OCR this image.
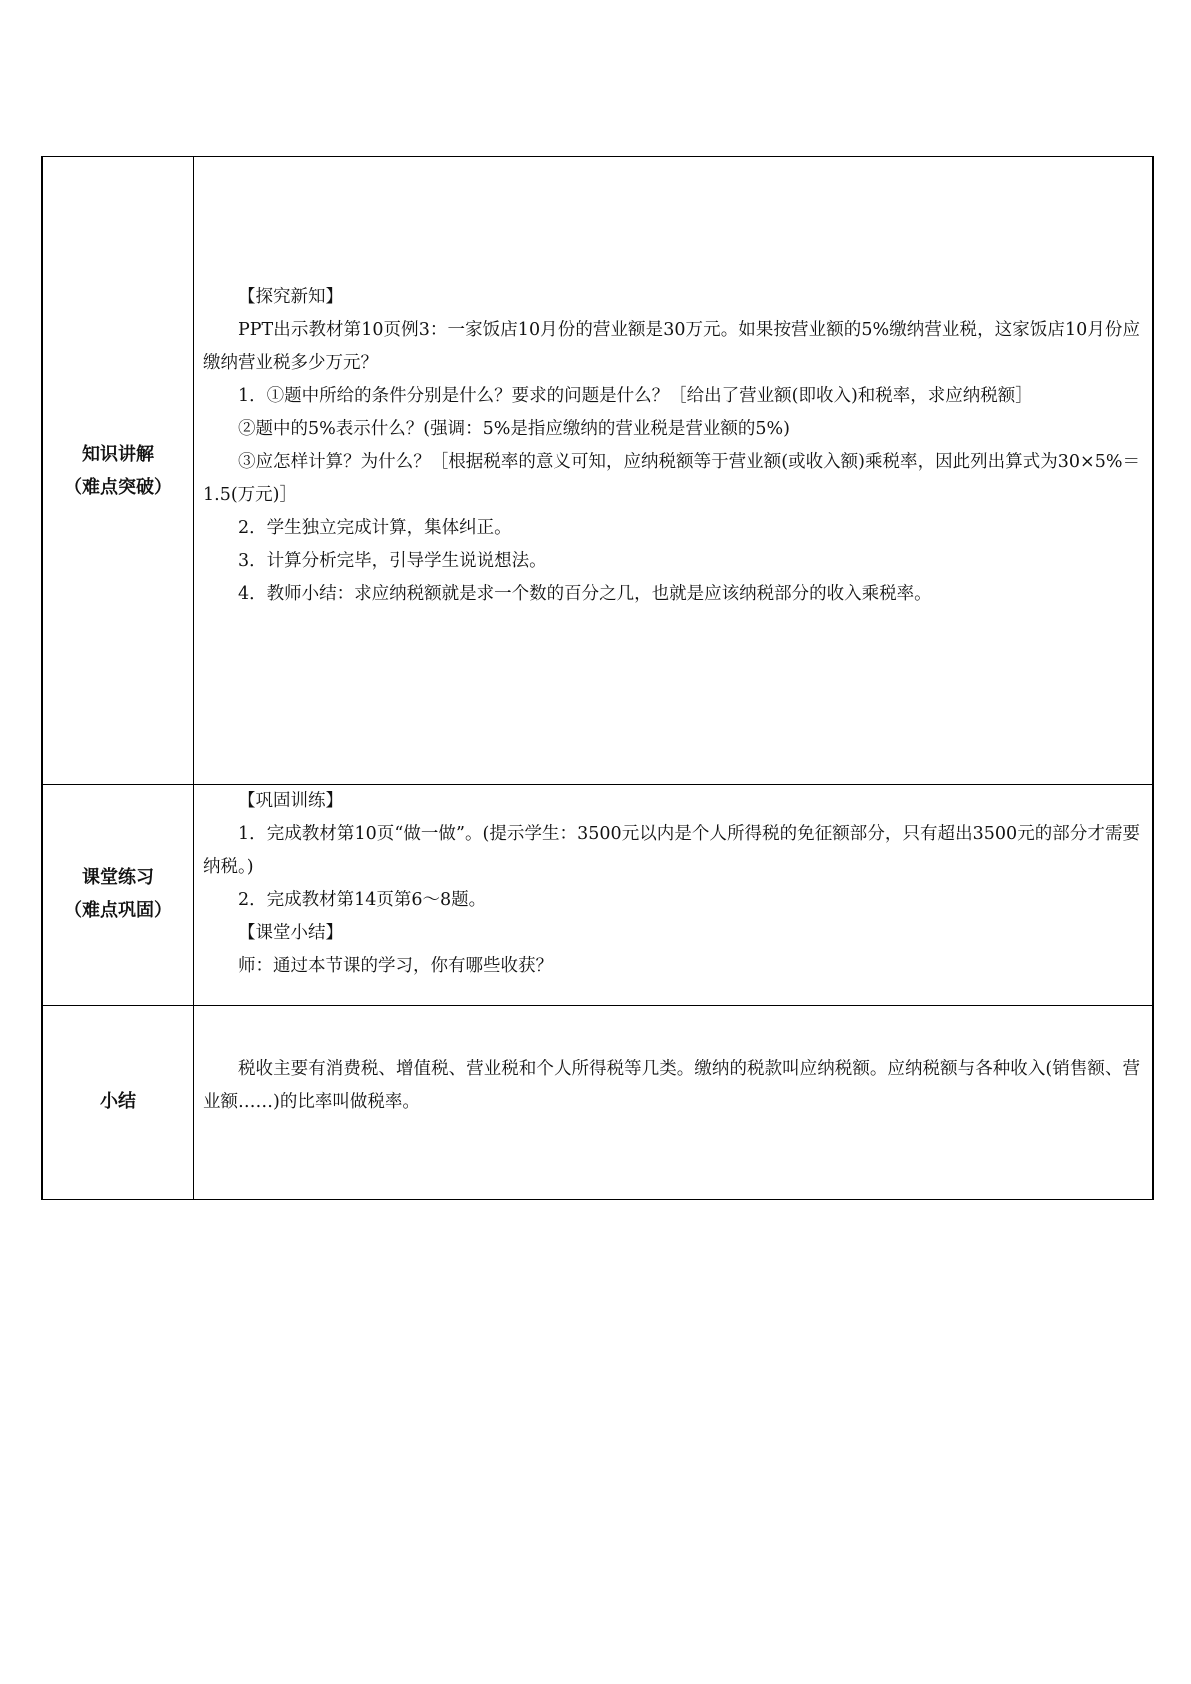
知识讲解
（难点突破）

【探究新知】

PPT出示教材第10页例3：一家饭店10月份的营业额是30万元。如果按营业额的5%缴纳营业税，这家饭店10月份应缴纳营业税多少万元？

1．①题中所给的条件分别是什么？要求的问题是什么？［给出了营业额(即收入)和税率，求应纳税额］

②题中的5%表示什么？(强调：5%是指应缴纳的营业税是营业额的5%)

③应怎样计算？为什么？［根据税率的意义可知，应纳税额等于营业额(或收入额)乘税率，因此列出算式为30×5%＝1.5(万元)］

2．学生独立完成计算，集体纠正。

3．计算分析完毕，引导学生说说想法。

4．教师小结：求应纳税额就是求一个数的百分之几，也就是应该纳税部分的收入乘税率。

课堂练习
（难点巩固）

【巩固训练】

1．完成教材第10页“做一做”。(提示学生：3500元以内是个人所得税的免征额部分，只有超出3500元的部分才需要纳税。)

2．完成教材第14页第6～8题。

【课堂小结】

师：通过本节课的学习，你有哪些收获？

小结

税收主要有消费税、增值税、营业税和个人所得税等几类。缴纳的税款叫应纳税额。应纳税额与各种收入(销售额、营业额……)的比率叫做税率。
